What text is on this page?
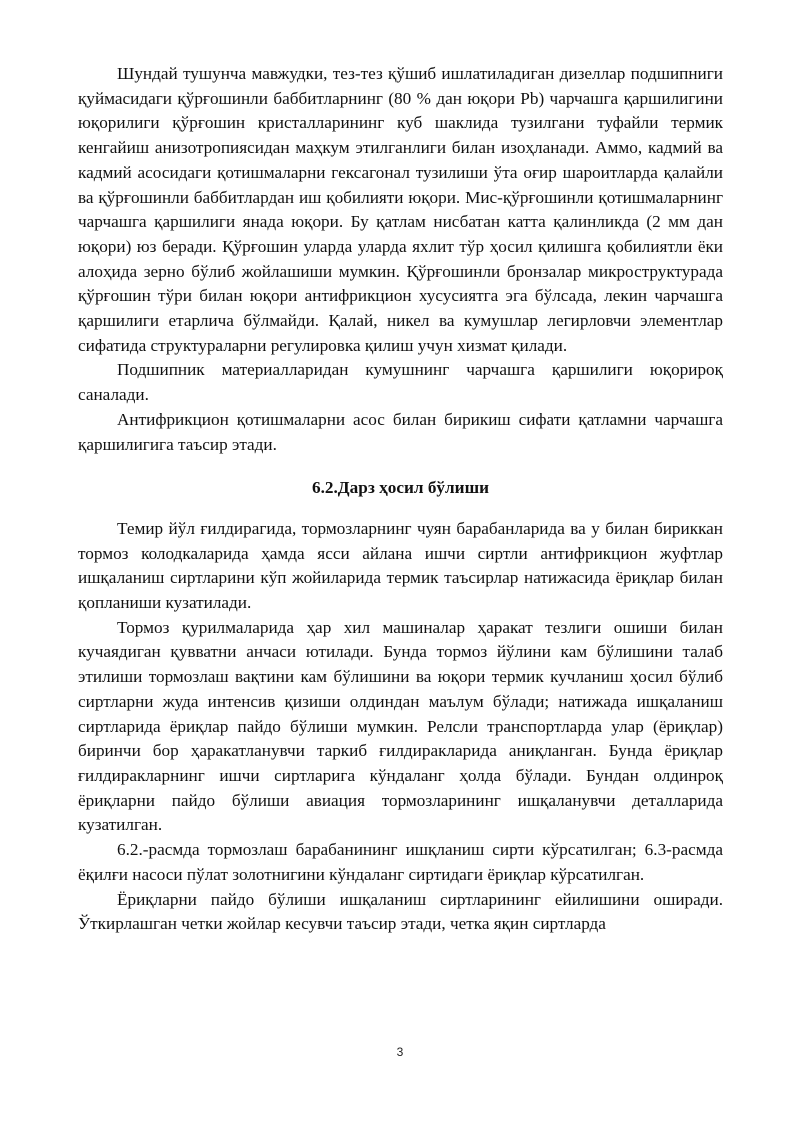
Шундай тушунча мавжудки, тез-тез қўшиб ишлатиладиган дизеллар подшипниги қуймасидаги қўрғошинли баббитларнинг (80 % дан юқори Pb) чарчашга қаршилигини юқорилиги қўрғошин кристалларининг куб шаклида тузилгани туфайли термик кенгайиш анизотропиясидан маҳкум этилганлиги билан изоҳланади. Аммо, кадмий ва кадмий асосидаги қотишмаларни гексагонал тузилиши ўта оғир шароитларда қалайли ва қўрғошинли баббитлардан иш қобилияти юқори. Мис-қўрғошинли қотишмаларнинг чарчашга қаршилиги янада юқори. Бу қатлам нисбатан катта қалинликда (2 мм дан юқори) юз беради. Қўрғошин уларда уларда яхлит тўр ҳосил қилишга қобилиятли ёки алоҳида зерно бўлиб жойлашиши мумкин. Қўрғошинли бронзалар микроструктурада қўрғошин тўри билан юқори антифрикцион хусусиятга эга бўлсада, лекин чарчашга қаршилиги етарлича бўлмайди. Қалай, никел ва кумушлар легирловчи элементлар сифатида структураларни регулировка қилиш учун хизмат қилади.

Подшипник материалларидан кумушнинг чарчашга қаршилиги юқорироқ саналади.

Антифрикцион қотишмаларни асос билан бирикиш сифати қатламни чарчашга қаршилигига таъсир этади.

6.2.Дарз ҳосил бўлиши

Темир йўл ғилдирагида, тормозларнинг чуян барабанларида ва у билан бириккан тормоз колодкаларида ҳамда ясси айлана ишчи сиртли антифрикцион жуфтлар ишқаланиш сиртларини кўп жойиларида термик таъсирлар натижасида ёриқлар билан қопланиши кузатилади.

Тормоз қурилмаларида ҳар хил машиналар ҳаракат тезлиги ошиши билан кучаядиган қувватни анчаси ютилади. Бунда тормоз йўлини кам бўлишини талаб этилиши тормозлаш вақтини кам бўлишини ва юқори термик кучланиш ҳосил бўлиб сиртларни жуда интенсив қизиши олдиндан маълум бўлади; натижада ишқаланиш сиртларида ёриқлар пайдо бўлиши мумкин. Релсли транспортларда улар (ёриқлар) биринчи бор ҳаракатланувчи таркиб ғилдиракларида аниқланган. Бунда ёриқлар ғилдиракларнинг ишчи сиртларига кўндаланг ҳолда бўлади. Бундан олдинроқ ёриқларни пайдо бўлиши авиация тормозларининг ишқаланувчи деталларида кузатилган.

6.2.-расмда тормозлаш барабанининг ишқланиш сирти кўрсатилган; 6.3-расмда ёқилғи насоси пўлат золотнигини кўндаланг сиртидаги ёриқлар кўрсатилган.

Ёриқларни пайдо бўлиши ишқаланиш сиртларининг ейилишини оширади. Ўткирлашган четки жойлар кесувчи таъсир этади, четка яқин сиртларда

3
